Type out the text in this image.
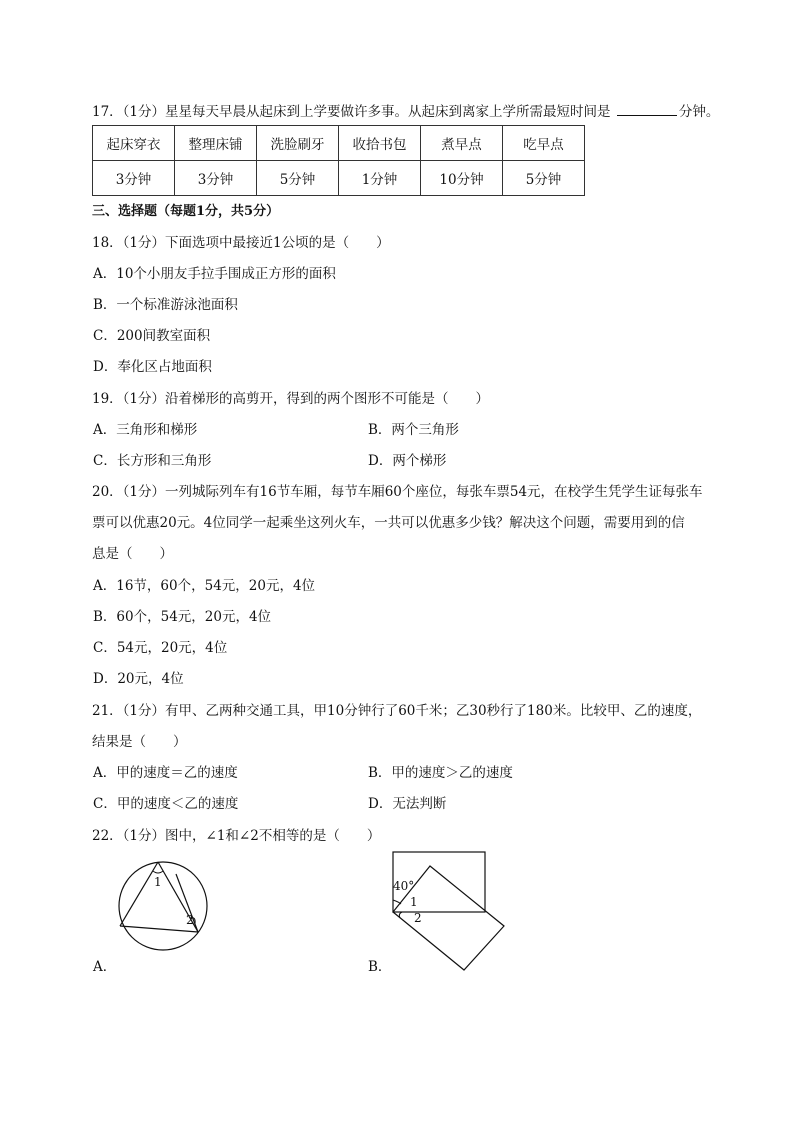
17．（1分）星星每天早晨从起床到上学要做许多事。从起床到离家上学所需最短时间是	分钟。
起床穿衣	整理床铺	洗脸刷牙	收拾书包	煮早点	吃早点
3分钟	3分钟	5分钟	1分钟	10分钟	5分钟
三、选择题（每题1分，共5分）
18．（1分）下面选项中最接近1公顷的是（　　）
A．10个小朋友手拉手围成正方形的面积
B．一个标准游泳池面积
C．200间教室面积
D．奉化区占地面积
19．（1分）沿着梯形的高剪开，得到的两个图形不可能是（　　）
A．三角形和梯形	B．两个三角形
C．长方形和三角形	D．两个梯形
20．（1分）一列城际列车有16节车厢，每节车厢60个座位，每张车票54元，在校学生凭学生证每张车
票可以优惠20元。4位同学一起乘坐这列火车，一共可以优惠多少钱？解决这个问题，需要用到的信
息是（　　）
A．16节，60个，54元，20元，4位
B．60个，54元，20元，4位
C．54元，20元，4位
D．20元，4位
21．（1分）有甲、乙两种交通工具，甲10分钟行了60千米；乙30秒行了180米。比较甲、乙的速度，
结果是（　　）
A．甲的速度＝乙的速度	B．甲的速度＞乙的速度
C．甲的速度＜乙的速度	D．无法判断
22．（1分）图中，∠1和∠2不相等的是（　　）
1
2
A．
40°
1
2
B．
